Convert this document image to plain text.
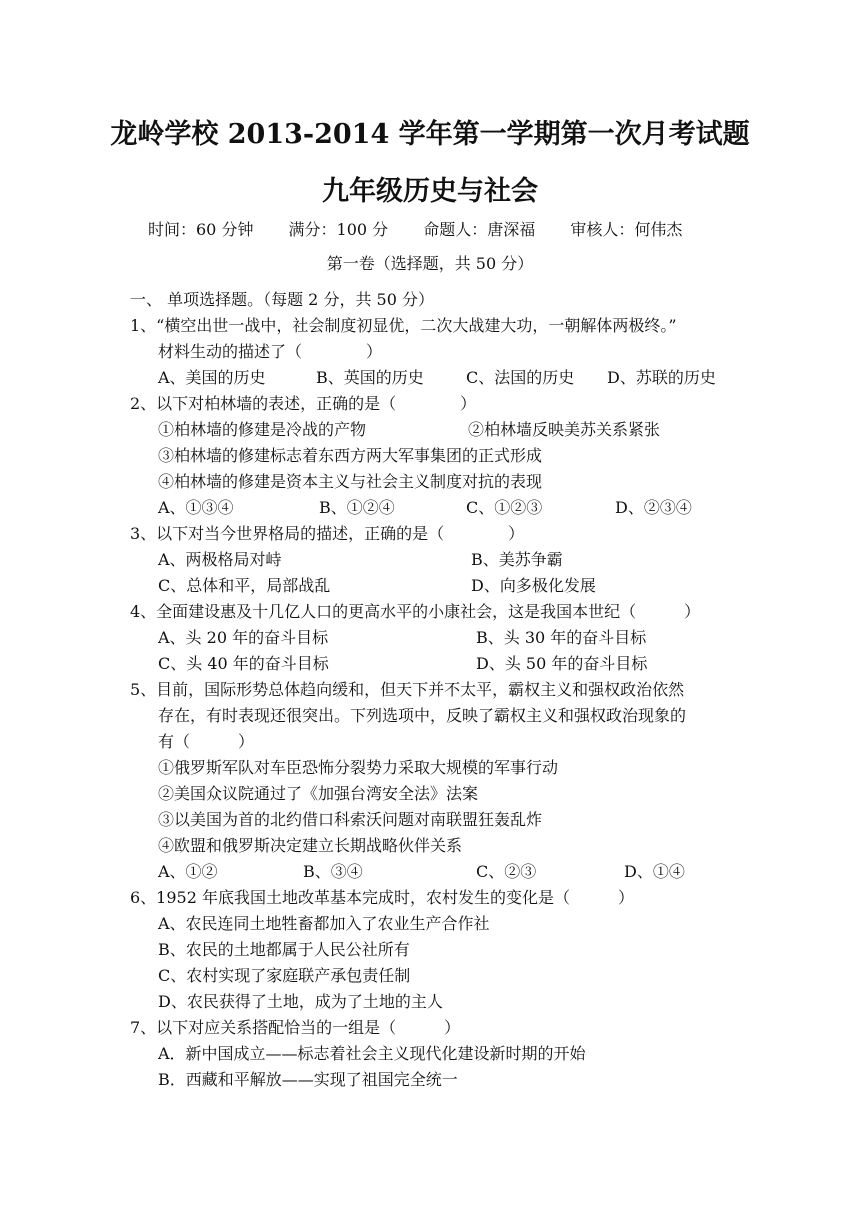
龙岭学校 2013-2014 学年第一学期第一次月考试题
九年级历史与社会
时间：60 分钟 满分：100 分 命题人：唐深福 审核人：何伟杰
第一卷（选择题，共 50 分）
一、 单项选择题。（每题 2 分，共 50 分）
1、“横空出世一战中，社会制度初显优，二次大战建大功，一朝解体两极终。”
材料生动的描述了（　　　　）
A、美国的历史	B、英国的历史	C、法国的历史 D、苏联的历史
2、以下对柏林墙的表述，正确的是（　　　　）
①柏林墙的修建是冷战的产物	②柏林墙反映美苏关系紧张
③柏林墙的修建标志着东西方两大军事集团的正式形成
④柏林墙的修建是资本主义与社会主义制度对抗的表现
A、①③④	B、①②④	C、①②③	D、②③④
3、以下对当今世界格局的描述，正确的是（　　　　）
A、两极格局对峙	B、美苏争霸
C、总体和平，局部战乱	D、向多极化发展
4、全面建设惠及十几亿人口的更高水平的小康社会，这是我国本世纪（　　　）
A、头 20 年的奋斗目标	B、头 30 年的奋斗目标
C、头 40 年的奋斗目标	D、头 50 年的奋斗目标
5、目前，国际形势总体趋向缓和，但天下并不太平，霸权主义和强权政治依然
存在，有时表现还很突出。下列选项中，反映了霸权主义和强权政治现象的
有（　　　）
①俄罗斯军队对车臣恐怖分裂势力采取大规模的军事行动
②美国众议院通过了《加强台湾安全法》法案
③以美国为首的北约借口科索沃问题对南联盟狂轰乱炸
④欧盟和俄罗斯决定建立长期战略伙伴关系
A、①②	B、③④	C、②③	D、①④
6、1952 年底我国土地改革基本完成时，农村发生的变化是（　　　）
A、农民连同土地牲畜都加入了农业生产合作社
B、农民的土地都属于人民公社所有
C、农村实现了家庭联产承包责任制
D、农民获得了土地，成为了土地的主人
7、以下对应关系搭配恰当的一组是（　　　）
A．新中国成立——标志着社会主义现代化建设新时期的开始
B．西藏和平解放——实现了祖国完全统一
